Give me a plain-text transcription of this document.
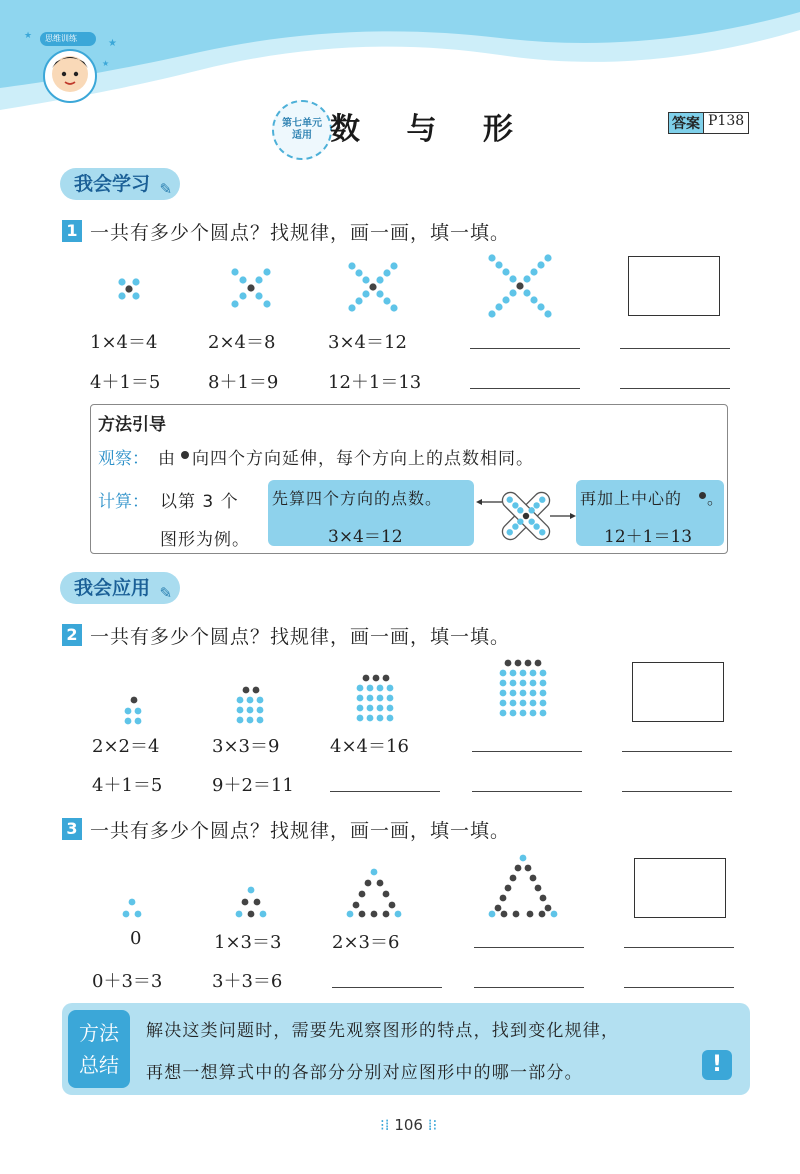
★
★
★
思维训练
第七单元
适用 数 与 形	答案 P138
我会学习 ✎
1 一共有多少个圆点？找规律，画一画，填一填。
1×4＝4	2×4＝8	3×4＝12
4＋1＝5	8＋1＝9	12＋1＝13
方法引导
观察： 由 向四个方向延伸，每个方向上的点数相同。
计算： 以第 3 个
图形为例。
先算四个方向的点数。
3×4＝12
再加上中心的 。
12＋1＝13
我会应用 ✎
2 一共有多少个圆点？找规律，画一画，填一填。
2×2＝4	3×3＝9	4×4＝16
4＋1＝5	9＋2＝11
3 一共有多少个圆点？找规律，画一画，填一填。
0	1×3＝3	2×3＝6
0＋3＝3	3＋3＝6
方法
总结
解决这类问题时，需要先观察图形的特点，找到变化规律，
再想一想算式中的各部分分别对应图形中的哪一部分。	!
⁝⁞ 106 ⁞⁝
